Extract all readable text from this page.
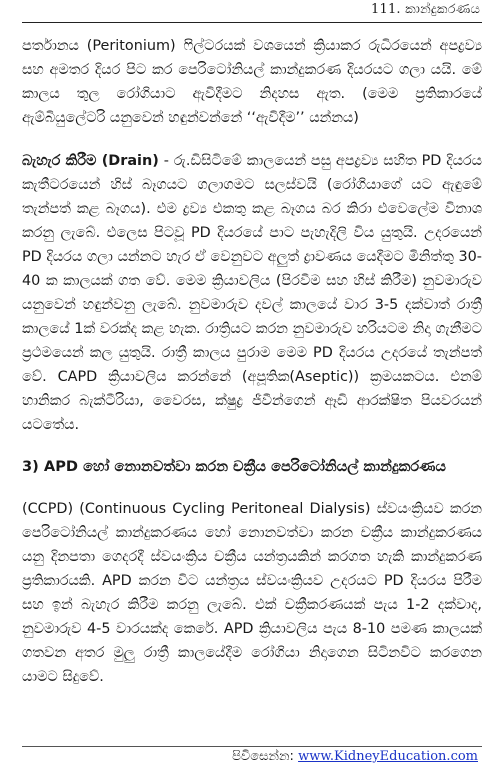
111. කාන්දුකරණය

පර්තානය (Peritonium) ෆිල්ටරයක් වශයෙන් ක්‍රියාකර රුධිරයෙන් අපද්‍රව්‍ය සහ අමතර දියර පිට කර පෙරිටෝනියල් කාන්දුකරණ දියරයට ගලා යයි. මේ කාලය තුල රෝගියාට ඇවිදීමට නිදහස ඇත. (මෙම ප්‍රතිකාරයේ ඇම්බියුලේටරි යනුවෙන් හඳුන්වන්නේ ‘‘ඇවිදීම’’ යන්නය)

බැහැර කිරීම (Drain) - රු.ඩිසිටිමේ කාලයෙන් පසු අපද්‍රව්‍ය සහිත PD දියරය කැතීටරයෙන් හිස් බෑගයට ගලාගමට සලස්වයි (රෝගියාගේ යට ඇඳුමේ තැන්පත් කළ බෑගය). එම ද්‍රව්‍ය එකතු කළ බෑගය බර කිරා එවෙලේම විනාශ කරනු ලැබේ. එලෙස පිටවූ PD දියරයේ පාට පැහැදිලි විය යුතුයි. උදරයෙන් PD දියරය ගලා යන්නට හැර ඒ වෙනුවට අලුත් ද්‍රාවණය යෙදීමට මිනිත්තු 30-40 ක කාලයක් ගත වේ. මෙම ක්‍රියාවලිය (පිරවීම සහ හිස් කිරීම) නුවමාරුව යනුවෙන් හඳුන්වනු ලැබේ. නුවමාරුව දවල් කාලයේ වාර 3-5 දක්වාත් රාත්‍රී කාලයේ 1ක් වරක්ද කළ හැක. රාත්‍රියට කරන නුවමාරුව හරියටම නිදා ගැනීමට ප්‍රථමයෙන් කල යුතුයි. රාත්‍රී කාලය පුරාම මෙම PD දියරය උදරයේ තැන්පත් වේ. CAPD ක්‍රියාවලිය කරන්නේ (අපූතික(Aseptic)) ක්‍රමයකටය. එනම් හානිකර බැක්ටීරියා, වෛරස, ක්ෂුද්‍ර ජීවීන්ගෙන් ඈඩි ආරක්ෂිත පියවරයන් යටතේය.

3) APD හෝ නොනවත්වා කරන චක්‍රීය පෙරිටෝනියල් කාන්දුකරණය

(CCPD) (Continuous Cycling Peritoneal Dialysis) ස්වයංක්‍රියව කරන පෙරිටෝනියල් කාන්දුකරණය හෝ නොනවත්වා කරන චක්‍රීය කාන්දුකරණය යනු දිනපතා ගෙදරදී ස්වයංක්‍රිය චක්‍රීය යන්ත්‍රයකින් කරගත හැකි කාන්දුකරණ ප්‍රතිකාරයකි. APD කරන විට යන්ත්‍රය ස්වයංක්‍රියව උදරයට PD දියරය පිරීම සහ ඉන් බැහැර කිරීම කරනු ලැබේ. එක් චක්‍රීකරණයක් පැය 1-2 දක්වාද, නුවමාරුව 4-5 වාරයක්ද කෙරේ. APD ක්‍රියාවලිය පැය 8-10 පමණ කාලයක් ගතවන අතර මුලු රාත්‍රී කාලයේදීම රෝගියා නිදාගෙන සිටිනවිට කරගෙන යාමට සිදුවේ.

පිවිසෙන්න: www.KidneyEducation.com
